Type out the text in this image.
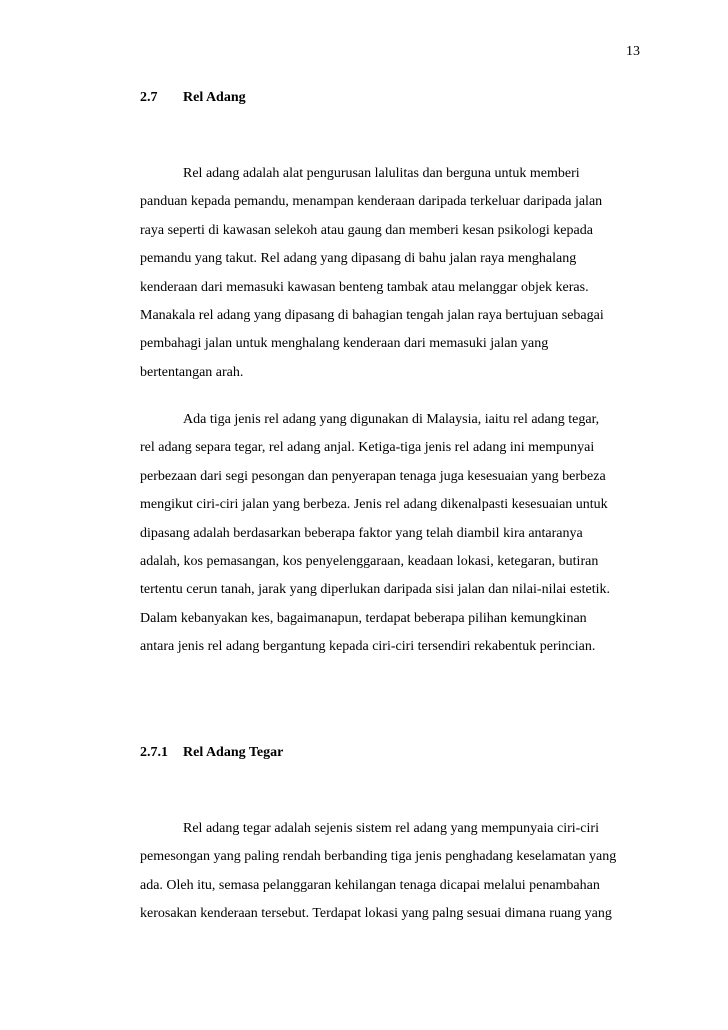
13
2.7 Rel Adang
Rel adang adalah alat pengurusan lalulitas dan berguna untuk memberi
panduan kepada pemandu, menampan kenderaan daripada terkeluar daripada jalan
raya seperti di kawasan selekoh atau gaung dan memberi kesan psikologi kepada
pemandu yang takut. Rel adang yang dipasang di bahu jalan raya menghalang
kenderaan dari memasuki kawasan benteng tambak atau melanggar objek keras.
Manakala rel adang yang dipasang di bahagian tengah jalan raya bertujuan sebagai
pembahagi jalan untuk menghalang kenderaan dari memasuki jalan yang
bertentangan arah.
Ada tiga jenis rel adang yang digunakan di Malaysia, iaitu rel adang tegar,
rel adang separa tegar, rel adang anjal. Ketiga-tiga jenis rel adang ini mempunyai
perbezaan dari segi pesongan dan penyerapan tenaga juga kesesuaian yang berbeza
mengikut ciri-ciri jalan yang berbeza. Jenis rel adang dikenalpasti kesesuaian untuk
dipasang adalah berdasarkan beberapa faktor yang telah diambil kira antaranya
adalah, kos pemasangan, kos penyelenggaraan, keadaan lokasi, ketegaran, butiran
tertentu cerun tanah, jarak yang diperlukan daripada sisi jalan dan nilai-nilai estetik.
Dalam kebanyakan kes, bagaimanapun, terdapat beberapa pilihan kemungkinan
antara jenis rel adang bergantung kepada ciri-ciri tersendiri rekabentuk perincian.
2.7.1 Rel Adang Tegar
Rel adang tegar adalah sejenis sistem rel adang yang mempunyaia ciri-ciri
pemesongan yang paling rendah berbanding tiga jenis penghadang keselamatan yang
ada. Oleh itu, semasa pelanggaran kehilangan tenaga dicapai melalui penambahan
kerosakan kenderaan tersebut. Terdapat lokasi yang palng sesuai dimana ruang yang
